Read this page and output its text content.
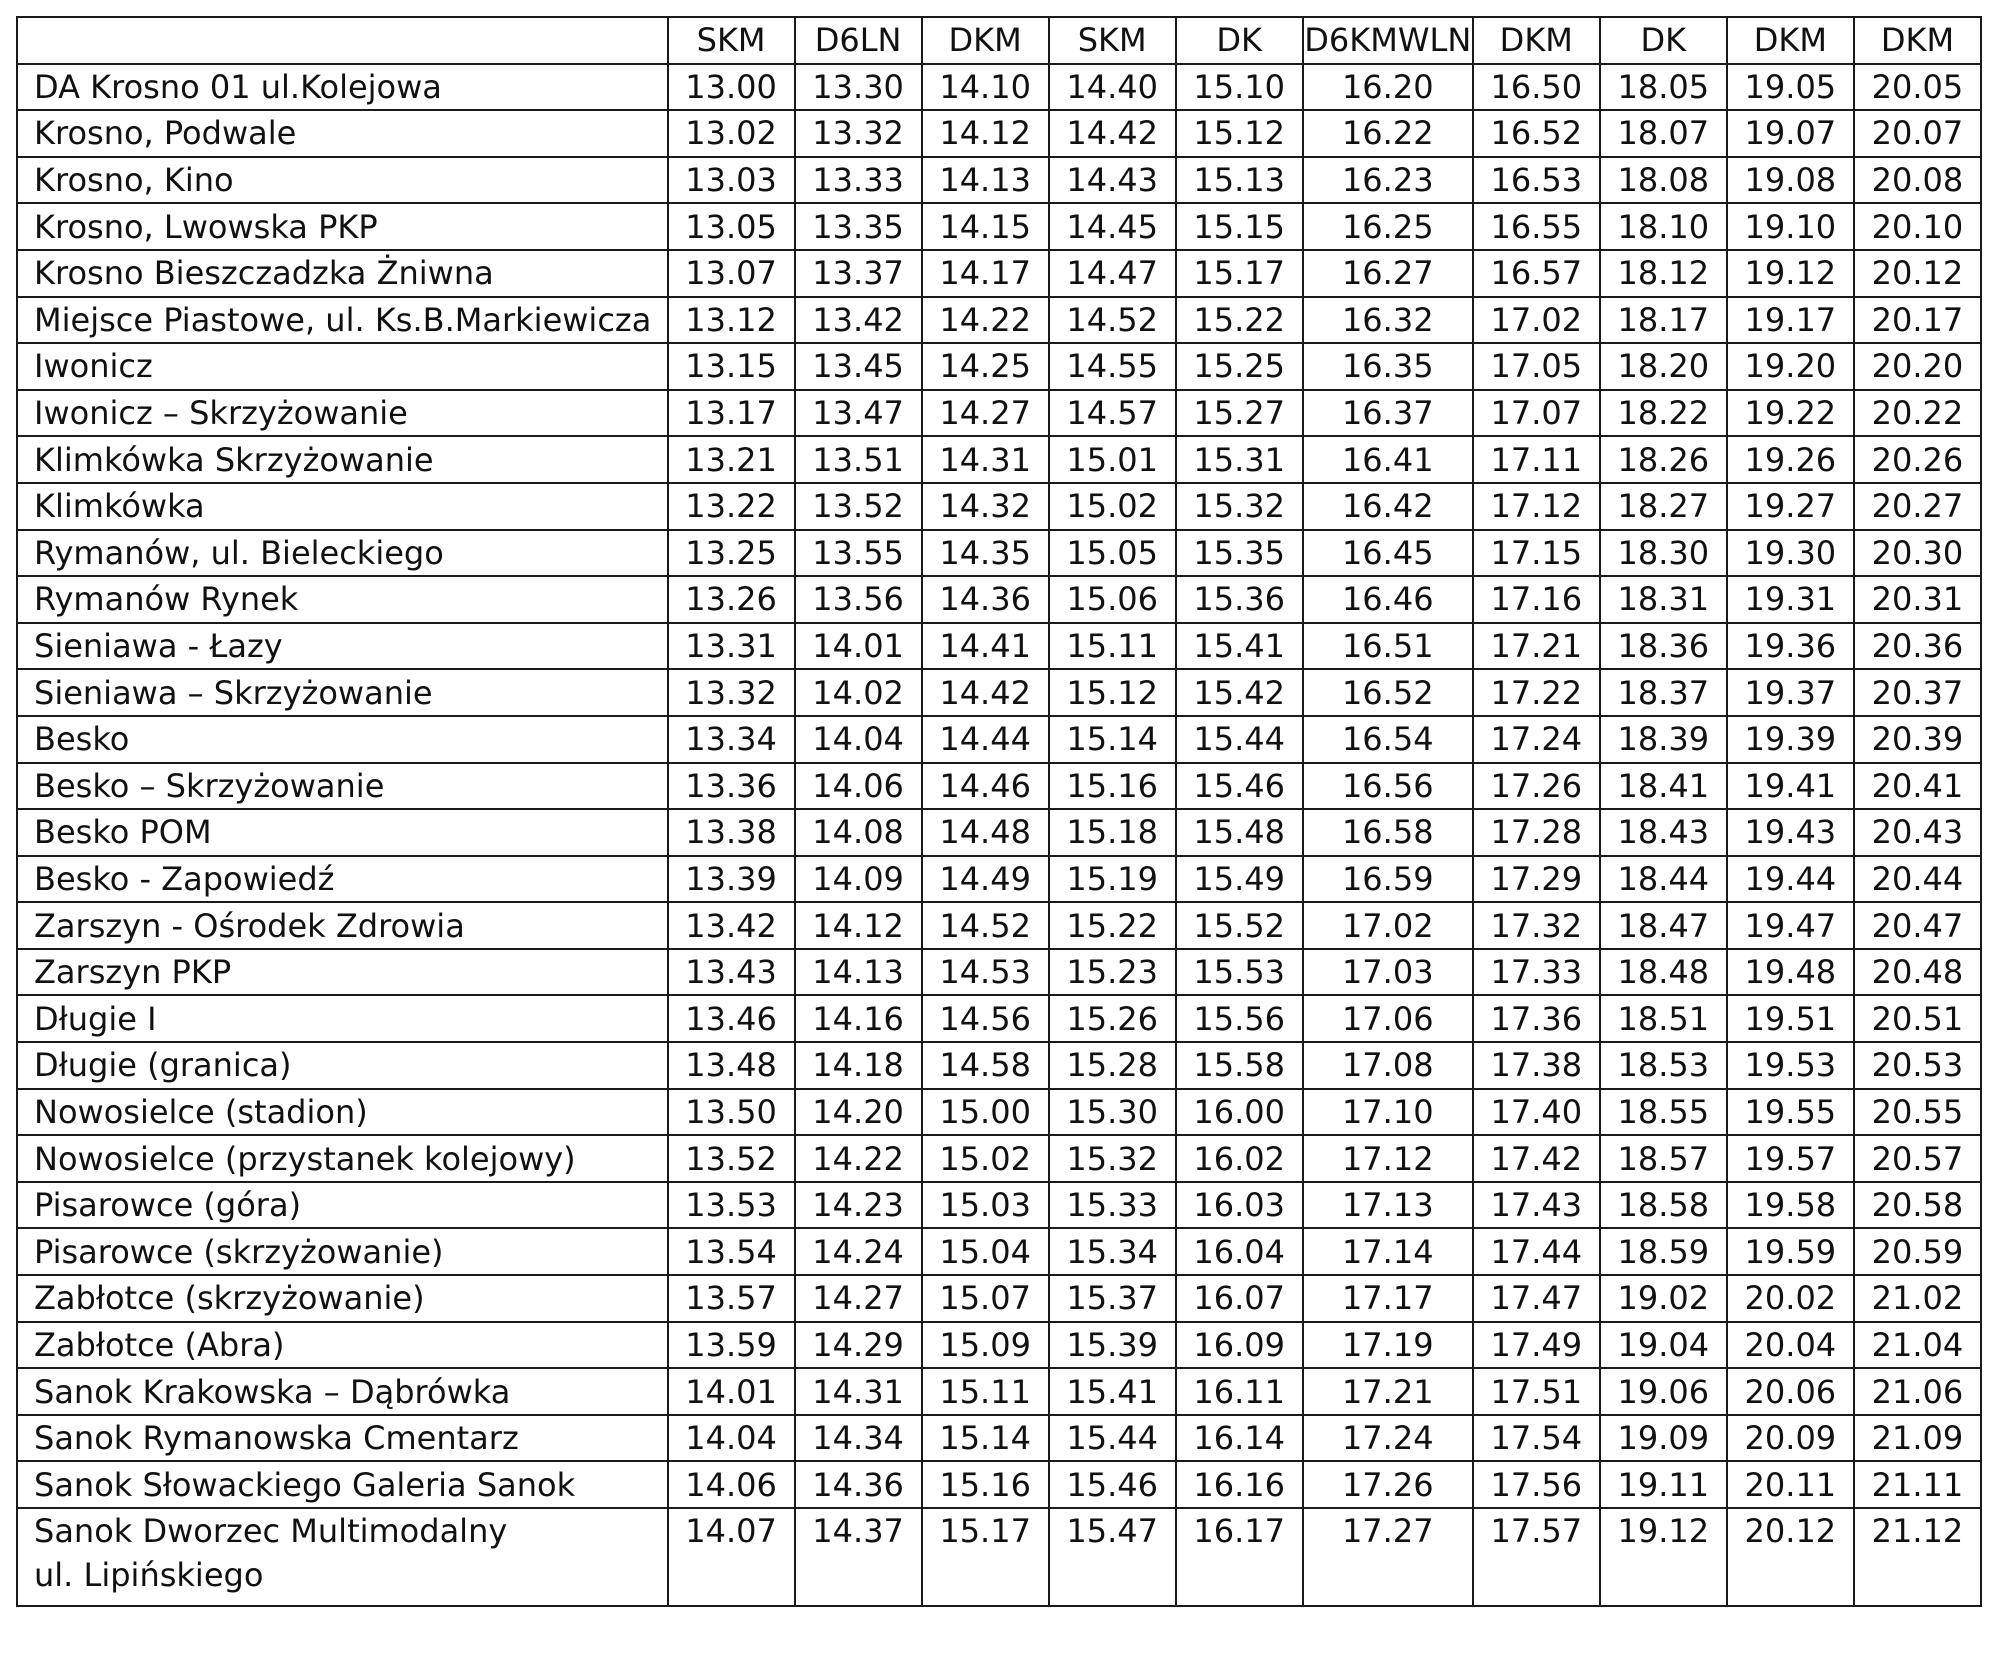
	SKM	D6LN	DKM	SKM	DK	D6KMWLN	DKM	DK	DKM	DKM

DA Krosno 01 ul.Kolejowa	13.00	13.30	14.10	14.40	15.10	16.20	16.50	18.05	19.05	20.05

Krosno, Podwale	13.02	13.32	14.12	14.42	15.12	16.22	16.52	18.07	19.07	20.07

Krosno, Kino	13.03	13.33	14.13	14.43	15.13	16.23	16.53	18.08	19.08	20.08

Krosno, Lwowska PKP	13.05	13.35	14.15	14.45	15.15	16.25	16.55	18.10	19.10	20.10

Krosno Bieszczadzka Żniwna	13.07	13.37	14.17	14.47	15.17	16.27	16.57	18.12	19.12	20.12

Miejsce Piastowe, ul. Ks.B.Markiewicza	13.12	13.42	14.22	14.52	15.22	16.32	17.02	18.17	19.17	20.17

Iwonicz	13.15	13.45	14.25	14.55	15.25	16.35	17.05	18.20	19.20	20.20

Iwonicz – Skrzyżowanie	13.17	13.47	14.27	14.57	15.27	16.37	17.07	18.22	19.22	20.22

Klimkówka Skrzyżowanie	13.21	13.51	14.31	15.01	15.31	16.41	17.11	18.26	19.26	20.26

Klimkówka	13.22	13.52	14.32	15.02	15.32	16.42	17.12	18.27	19.27	20.27

Rymanów, ul. Bieleckiego	13.25	13.55	14.35	15.05	15.35	16.45	17.15	18.30	19.30	20.30

Rymanów Rynek	13.26	13.56	14.36	15.06	15.36	16.46	17.16	18.31	19.31	20.31

Sieniawa - Łazy	13.31	14.01	14.41	15.11	15.41	16.51	17.21	18.36	19.36	20.36

Sieniawa – Skrzyżowanie	13.32	14.02	14.42	15.12	15.42	16.52	17.22	18.37	19.37	20.37

Besko	13.34	14.04	14.44	15.14	15.44	16.54	17.24	18.39	19.39	20.39

Besko – Skrzyżowanie	13.36	14.06	14.46	15.16	15.46	16.56	17.26	18.41	19.41	20.41

Besko POM	13.38	14.08	14.48	15.18	15.48	16.58	17.28	18.43	19.43	20.43

Besko - Zapowiedź	13.39	14.09	14.49	15.19	15.49	16.59	17.29	18.44	19.44	20.44

Zarszyn - Ośrodek Zdrowia	13.42	14.12	14.52	15.22	15.52	17.02	17.32	18.47	19.47	20.47

Zarszyn PKP	13.43	14.13	14.53	15.23	15.53	17.03	17.33	18.48	19.48	20.48

Długie I	13.46	14.16	14.56	15.26	15.56	17.06	17.36	18.51	19.51	20.51

Długie (granica)	13.48	14.18	14.58	15.28	15.58	17.08	17.38	18.53	19.53	20.53

Nowosielce (stadion)	13.50	14.20	15.00	15.30	16.00	17.10	17.40	18.55	19.55	20.55

Nowosielce (przystanek kolejowy)	13.52	14.22	15.02	15.32	16.02	17.12	17.42	18.57	19.57	20.57

Pisarowce (góra)	13.53	14.23	15.03	15.33	16.03	17.13	17.43	18.58	19.58	20.58

Pisarowce (skrzyżowanie)	13.54	14.24	15.04	15.34	16.04	17.14	17.44	18.59	19.59	20.59

Zabłotce (skrzyżowanie)	13.57	14.27	15.07	15.37	16.07	17.17	17.47	19.02	20.02	21.02

Zabłotce (Abra)	13.59	14.29	15.09	15.39	16.09	17.19	17.49	19.04	20.04	21.04

Sanok Krakowska – Dąbrówka	14.01	14.31	15.11	15.41	16.11	17.21	17.51	19.06	20.06	21.06

Sanok Rymanowska Cmentarz	14.04	14.34	15.14	15.44	16.14	17.24	17.54	19.09	20.09	21.09

Sanok Słowackiego Galeria Sanok	14.06	14.36	15.16	15.46	16.16	17.26	17.56	19.11	20.11	21.11

Sanok Dworzec Multimodalny
ul. Lipińskiego	14.07	14.37	15.17	15.47	16.17	17.27	17.57	19.12	20.12	21.12
